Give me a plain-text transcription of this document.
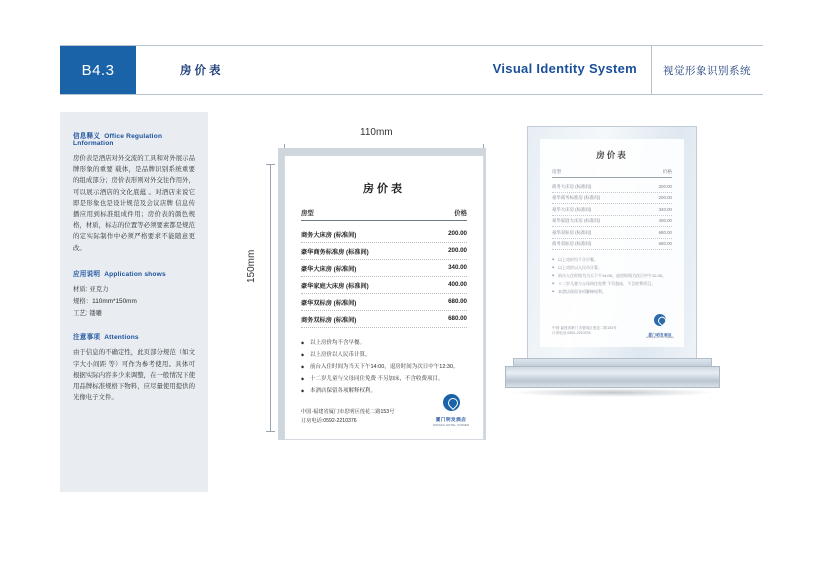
B4.3	房价表	Visual Identity System 视觉形象识别系统
信息释义 Office Regulation Lnformation
房价表是酒店对外交流的工具和对外展示品牌形象的重要 载体，是品牌识别系统重要的组成部分；房价表形则对外交往作用外，可以展示酒店的文化底蕴 。对酒店来说它即是形象也是设计规范及会议店牌 信息传播应用到标准组成件用；房价表的颜色规格，材质，标志的位置等必须要素都是规范的定实际制作中必须严格要求不能随意更改。
应用说明 Application shows
材质: 亚克力
规格：110mm*150mm
工艺: 镂雕
注意事项 Attentions
由于信息的不确定性，此页部分规范（如文字大小间距 等）可作为参考使用。具体可根据实际内容多少来调整，在一般情况下使用品牌标准规格下物料，应尽量使用提供的光像电子文件。
110mm
150mm
房价表
房型	价格
商务大床房 (标准间)	200.00
豪华商务标准房 (标准间)	200.00
豪华大床房 (标准间)	340.00
豪华家庭大床房 (标准间)	400.00
豪华双标房 (标准间)	680.00
商务双标房 (标准间)	680.00
◆ 以上房价均不含早餐。
◆ 以上房价以人民币计算。
◆ 前台入住时间为当天下午14:00，退房时间为次日中午12:30。
◆ 十二岁儿童与父母同住免费 不另加床，不含收费项目。
◆ 本酒店保留各项解释权利。
中国·福建省厦门市思明区莲花二路153号
订房电话:0592-2210376	厦门明发酒店
MINGFA HOTEL XIAMEN
房价表
房型	价格
商务大床房 (标准间)	200.00
豪华商务标准房 (标准间)	200.00
豪华大床房 (标准间)	340.00
豪华家庭大床房 (标准间)	400.00
豪华双标房 (标准间)	680.00
商务双标房 (标准间)	680.00
◆ 以上房价均不含早餐。
◆ 以上房价以人民币计算。
◆ 前台入住时间为当天下午14:00，退房时间为次日中午12:30。
◆ 十二岁儿童与父母同住免费 不另加床，不含收费项目。
◆ 本酒店保留各项解释权利。
中国·福建省厦门市思明区莲花二路153号
订房电话:0592-2210376	厦门明发酒店
MINGFA HOTEL XIAMEN
